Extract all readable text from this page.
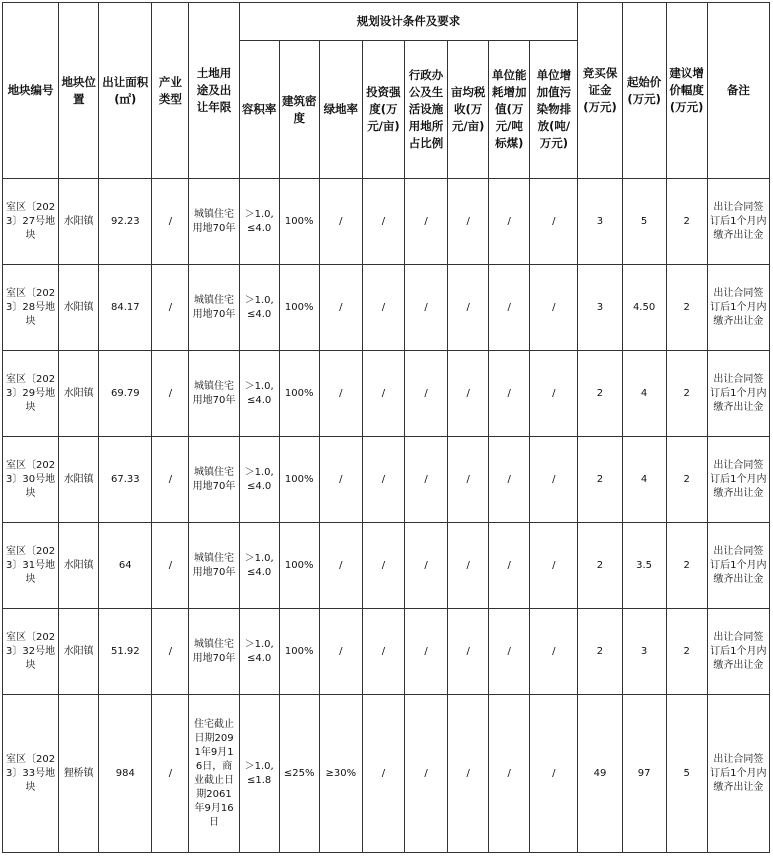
地块编号	地块位置	出让面积(㎡)	产业类型	土地用途及出让年限	规划设计条件及要求								竞买保证金(万元)	起始价(万元)	建议增价幅度(万元)	备注
					容积率	建筑密度	绿地率	投资强度(万元/亩)	行政办公及生活设施用地所占比例	亩均税收(万元/亩)	单位能耗增加值(万元/吨标煤)	单位增加值污染物排放(吨/万元)				
室区〔2023〕27号地块	水阳镇	92.23	/	城镇住宅用地70年	＞1.0,≤4.0	100%	/	/	/	/	/	/	3	5	2	出让合同签订后1个月内缴齐出让金
室区〔2023〕28号地块	水阳镇	84.17	/	城镇住宅用地70年	＞1.0,≤4.0	100%	/	/	/	/	/	/	3	4.50	2	出让合同签订后1个月内缴齐出让金
室区〔2023〕29号地块	水阳镇	69.79	/	城镇住宅用地70年	＞1.0,≤4.0	100%	/	/	/	/	/	/	2	4	2	出让合同签订后1个月内缴齐出让金
室区〔2023〕30号地块	水阳镇	67.33	/	城镇住宅用地70年	＞1.0,≤4.0	100%	/	/	/	/	/	/	2	4	2	出让合同签订后1个月内缴齐出让金
室区〔2023〕31号地块	水阳镇	64	/	城镇住宅用地70年	＞1.0,≤4.0	100%	/	/	/	/	/	/	2	3.5	2	出让合同签订后1个月内缴齐出让金
室区〔2023〕32号地块	水阳镇	51.92	/	城镇住宅用地70年	＞1.0,≤4.0	100%	/	/	/	/	/	/	2	3	2	出让合同签订后1个月内缴齐出让金
室区〔2023〕33号地块	狸桥镇	984	/	住宅截止日期2091年9月16日，商业截止日期2061年9月16日	＞1.0,≤1.8	≤25%	≥30%	/	/	/	/	/	49	97	5	出让合同签订后1个月内缴齐出让金
